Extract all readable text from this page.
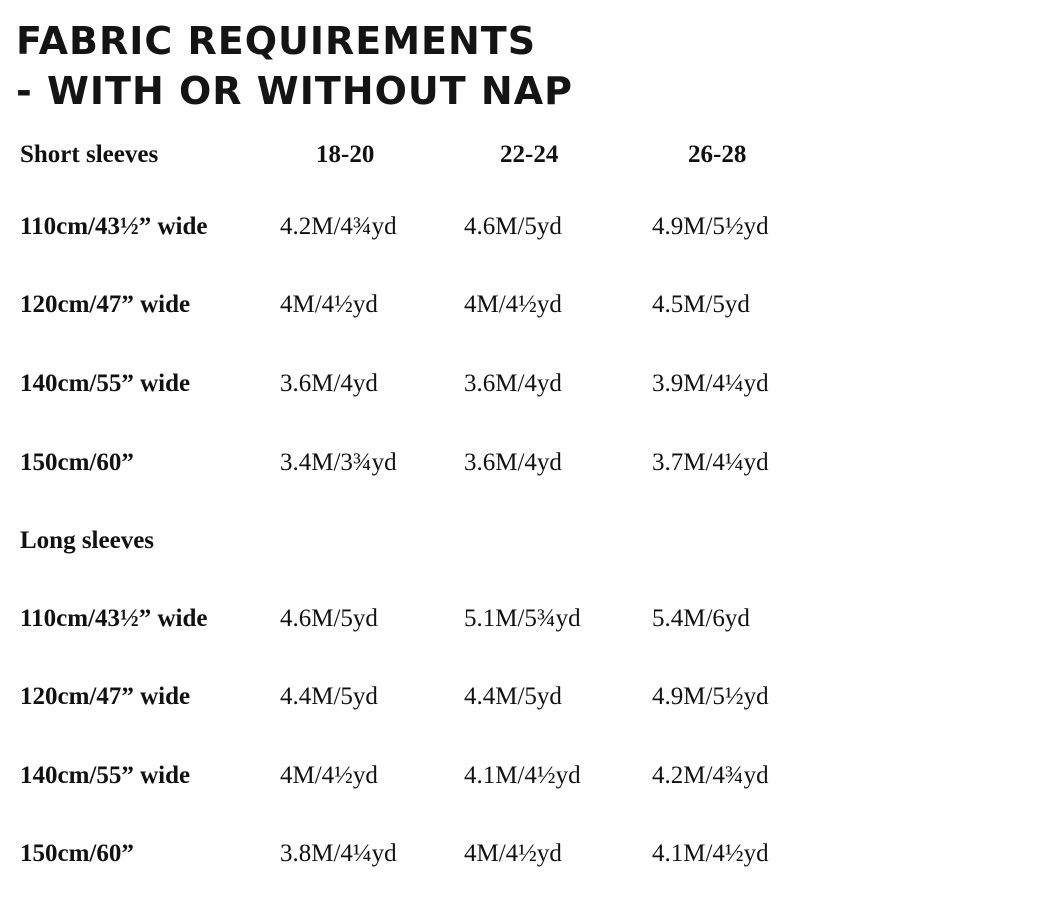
FABRIC REQUIREMENTS
- WITH OR WITHOUT NAP
Short sleeves	18-20	22-24	26-28
110cm/43½” wide	4.2M/4¾yd	4.6M/5yd	4.9M/5½yd
120cm/47” wide	4M/4½yd	4M/4½yd	4.5M/5yd
140cm/55” wide	3.6M/4yd	3.6M/4yd	3.9M/4¼yd
150cm/60”	3.4M/3¾yd	3.6M/4yd	3.7M/4¼yd
Long sleeves
110cm/43½” wide	4.6M/5yd	5.1M/5¾yd	5.4M/6yd
120cm/47” wide	4.4M/5yd	4.4M/5yd	4.9M/5½yd
140cm/55” wide	4M/4½yd	4.1M/4½yd	4.2M/4¾yd
150cm/60”	3.8M/4¼yd	4M/4½yd	4.1M/4½yd
